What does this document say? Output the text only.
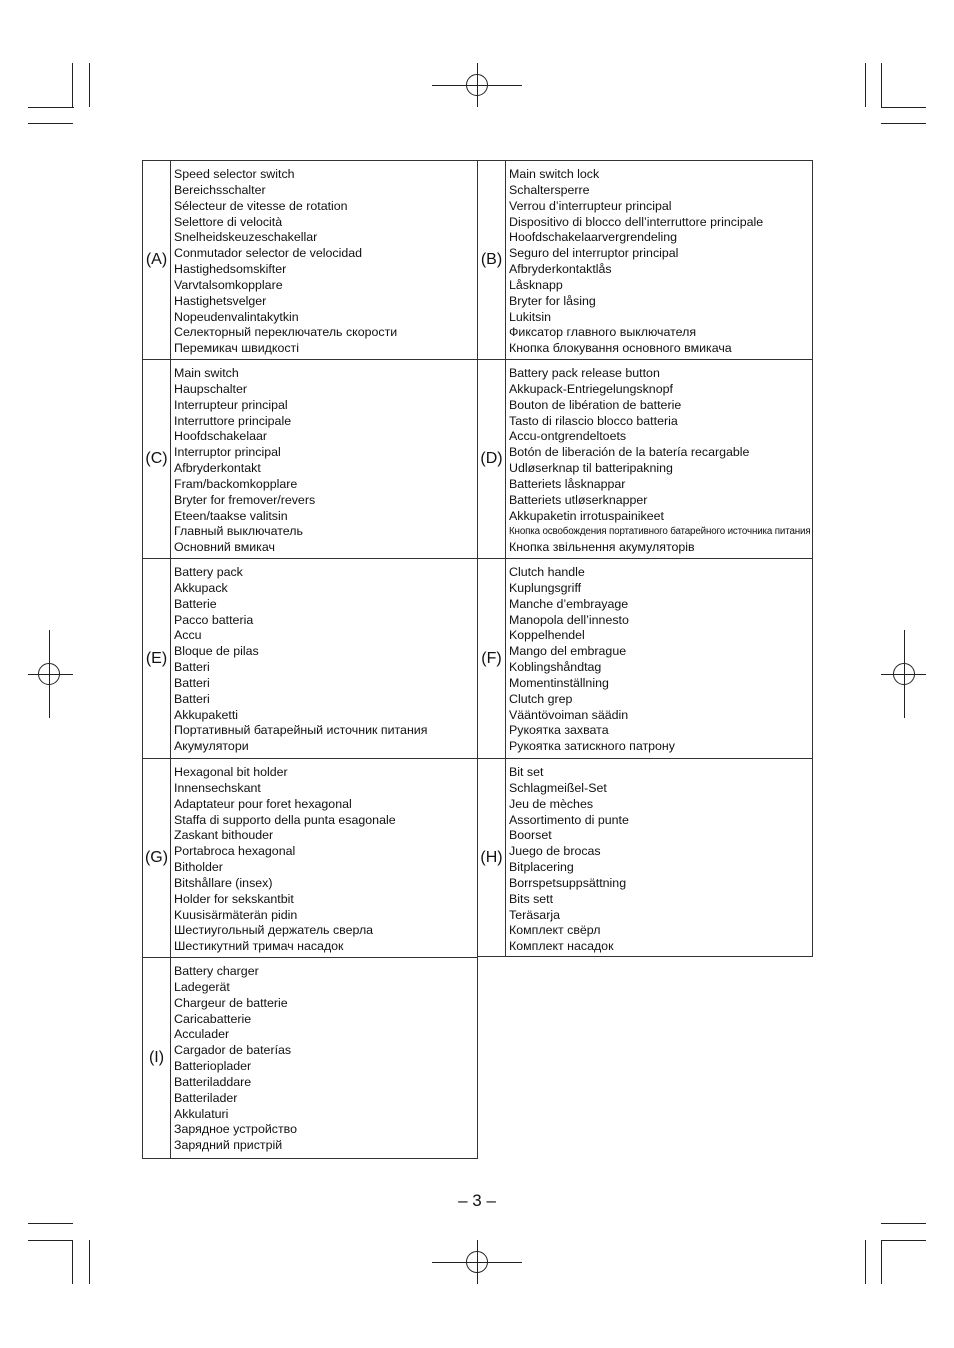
(A)
Speed selector switch
Bereichsschalter
Sélecteur de vitesse de rotation
Selettore di velocità
Snelheidskeuzeschakellar
Conmutador selector de velocidad
Hastighedsomskifter
Varvtalsomkopplare
Hastighetsvelger
Nopeudenvalintakytkin
Селекторный переключатель скорости
Перемикач швидкості
(B)
Main switch lock
Schaltersperre
Verrou d’interrupteur principal
Dispositivo di blocco dell’interruttore principale
Hoofdschakelaarvergrendeling
Seguro del interruptor principal
Afbryderkontaktlås
Låsknapp
Bryter for låsing
Lukitsin
Фиксатор главного выключателя
Кнопка блокування основного вмикача
(C)
Main switch
Haupschalter
Interrupteur principal
Interruttore principale
Hoofdschakelaar
Interruptor principal
Afbryderkontakt
Fram/backomkopplare
Bryter for fremover/revers
Eteen/taakse valitsin
Главный выключатель
Основний вмикач
(D)
Battery pack release button
Akkupack-Entriegelungsknopf
Bouton de libération de batterie
Tasto di rilascio blocco batteria
Accu-ontgrendeltoets
Botón de liberación de la batería recargable
Udløserknap til batteripakning
Batteriets låsknappar
Batteriets utløserknapper
Akkupaketin irrotuspainikeet
Кнопка освобождения портативного батарейного источника питания
Кнопка звільнення акумуляторів
(E)
Battery pack
Akkupack
Batterie
Pacco batteria
Accu
Bloque de pilas
Batteri
Batteri
Batteri
Akkupaketti
Портативный батарейный источник питания
Акумулятори
(F)
Clutch handle
Kuplungsgriff
Manche d’embrayage
Manopola dell’innesto
Koppelhendel
Mango del embrague
Koblingshåndtag
Momentinställning
Clutch grep
Vääntövoiman säädin
Рукоятка захвата
Рукоятка затискного патрону
(G)
Hexagonal bit holder
Innensechskant
Adaptateur pour foret hexagonal
Staffa di supporto della punta esagonale
Zaskant bithouder
Portabroca hexagonal
Bitholder
Bitshållare (insex)
Holder for sekskantbit
Kuusisärmäterän pidin
Шестиугольный держатель сверла
Шестикутний тримач насадок
(H)
Bit set
Schlagmeißel-Set
Jeu de mèches
Assortimento di punte
Boorset
Juego de brocas
Bitplacering
Borrspetsuppsättning
Bits sett
Teräsarja
Комплект свёрл
Комплект насадок
(I)
Battery charger
Ladegerät
Chargeur de batterie
Caricabatterie
Acculader
Cargador de baterías
Batterioplader
Batteriladdare
Batterilader
Akkulaturi
Зарядное устройство
Зарядний пристрій
– 3 –
